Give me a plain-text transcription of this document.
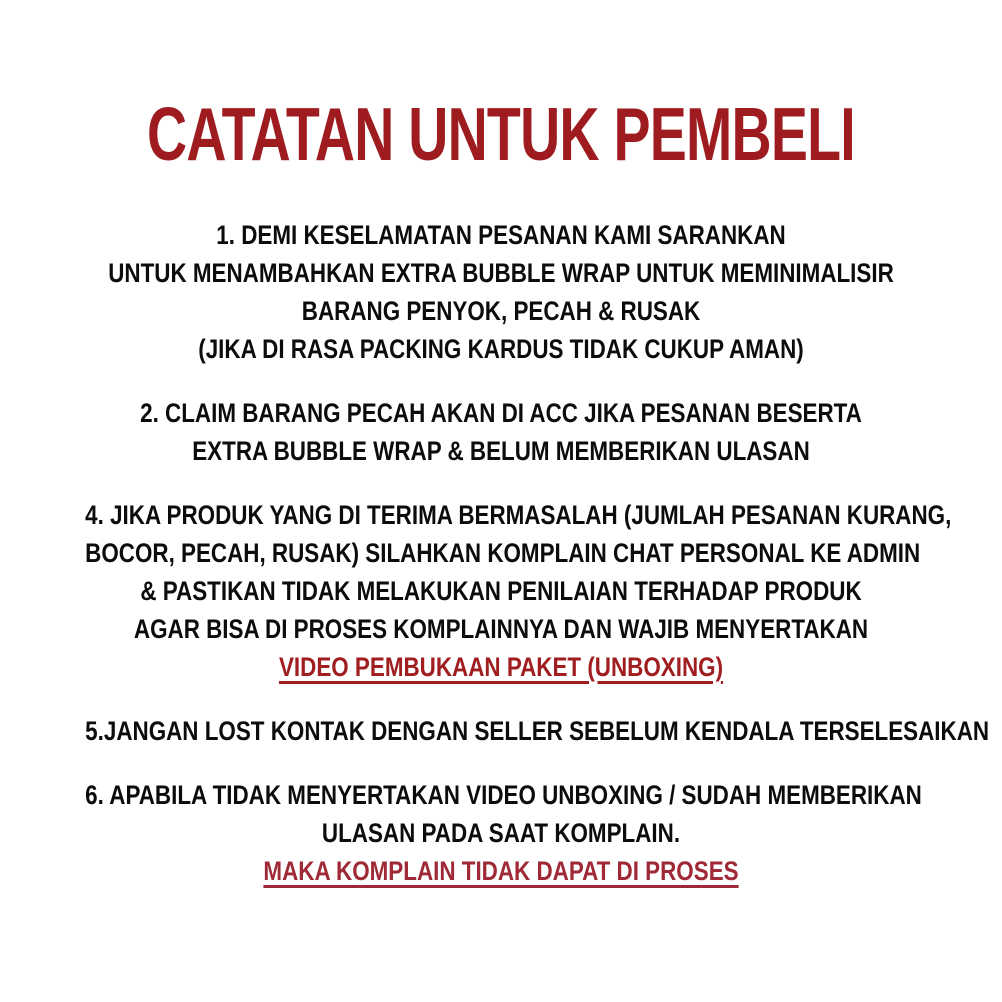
CATATAN UNTUK PEMBELI
1. DEMI KESELAMATAN PESANAN KAMI SARANKAN
UNTUK MENAMBAHKAN EXTRA BUBBLE WRAP UNTUK MEMINIMALISIR
BARANG PENYOK, PECAH & RUSAK
(JIKA DI RASA PACKING KARDUS TIDAK CUKUP AMAN)
2. CLAIM BARANG PECAH AKAN DI ACC JIKA PESANAN BESERTA
EXTRA BUBBLE WRAP & BELUM MEMBERIKAN ULASAN
4. JIKA PRODUK YANG DI TERIMA BERMASALAH (JUMLAH PESANAN KURANG,
BOCOR, PECAH, RUSAK) SILAHKAN KOMPLAIN CHAT PERSONAL KE ADMIN
& PASTIKAN TIDAK MELAKUKAN PENILAIAN TERHADAP PRODUK
AGAR BISA DI PROSES KOMPLAINNYA DAN WAJIB MENYERTAKAN
VIDEO PEMBUKAAN PAKET (UNBOXING)
5.JANGAN LOST KONTAK DENGAN SELLER SEBELUM KENDALA TERSELESAIKAN
6. APABILA TIDAK MENYERTAKAN VIDEO UNBOXING / SUDAH MEMBERIKAN
ULASAN PADA SAAT KOMPLAIN.
MAKA KOMPLAIN TIDAK DAPAT DI PROSES
